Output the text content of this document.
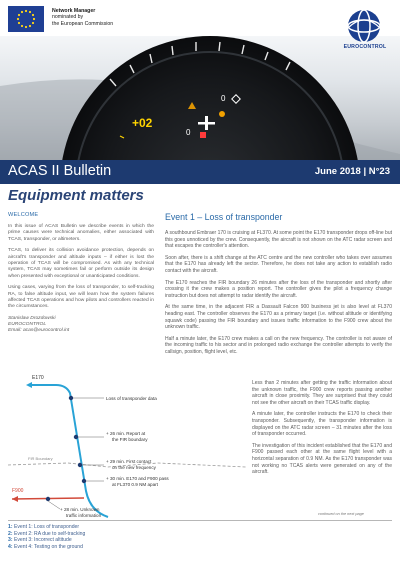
Network Manager
nominated by
the European Commission
+02
0
0
EUROCONTROL
ACAS II Bulletin	June 2018 | N°23
Equipment matters
WELCOME

In this issue of ACAS Bulletin we describe events in which the prime causes were technical anomalies, either associated with TCAS, transponder, or altimeters.

TCAS, to deliver its collision avoidance protection, depends on aircraft's transponder and altitude inputs – if either is lost the operation of TCAS will be compromised. As with any technical system, TCAS may sometimes fail or perform outside its design when presented with exceptional or unanticipated conditions.

Using cases, varying from the loss of transponder, to self-tracking RA, to false altitude input, we will learn how the system failures affected TCAS operations and how pilots and controllers reacted in the circumstances.

Stanislaw Drozdowski
EUROCONTROL
Email: acas@eurocontrol.int
E170
F900
FIR Boundary
Loss of transponder data
+ 26 min. Report at
the FIR boundary
+ 29 min. First contact
on the new frequency
+ 30 min. E170 and F900 pass
at FL370 0.9 NM apart
+ 28 min. Unknown
traffic information
Event 1 – Loss of transponder

A southbound Embraer 170 is cruising at FL370. At some point the E170 transponder drops off-line but this goes unnoticed by the crew. Consequently, the aircraft is not shown on the ATC radar screen and that escapes the controller's attention.

Soon after, there is a shift change at the ATC centre and the new controller who takes over assumes that the E170 has already left the sector. Therefore, he does not take any action to establish radio contact with the aircraft.

The E170 reaches the FIR boundary 26 minutes after the loss of the transponder and shortly after crossing it the crew makes a position report. The controller gives the pilot a frequency change instruction but does not attempt to radar identify the aircraft.

At the same time, in the adjacent FIR a Dassault Falcon 900 business jet is also level at FL370 heading east. The controller observes the E170 as a primary target (i.e. without altitude or identifying squawk code) passing the FIR boundary and issues traffic information to the F900 crew about the unknown traffic.

Half a minute later, the E170 crew makes a call on the new frequency. The controller is not aware of the incoming traffic to his sector and in prolonged radio exchange the controller attempts to verify the callsign, position, flight level, etc.

Less than 2 minutes after getting the traffic information about the unknown traffic, the F900 crew reports passing another aircraft in close proximity. They are surprised that they could not see the other aircraft on their TCAS traffic display.

A minute later, the controller instructs the E170 to check their transponder. Subsequently, the transponder information is displayed on the ATC radar screen – 31 minutes after the loss of transponder occurred.

The investigation of this incident established that the E170 and F900 passed each other at the same flight level with a horizontal separation of 0.9 NM. As the E170 transponder was not working no TCAS alerts were generated on any of the aircraft.

continued on the next page
1: Event 1: Loss of transponder
2: Event 2: RA due to self-tracking
3: Event 3: Incorrect altitude
4: Event 4: Testing on the ground
